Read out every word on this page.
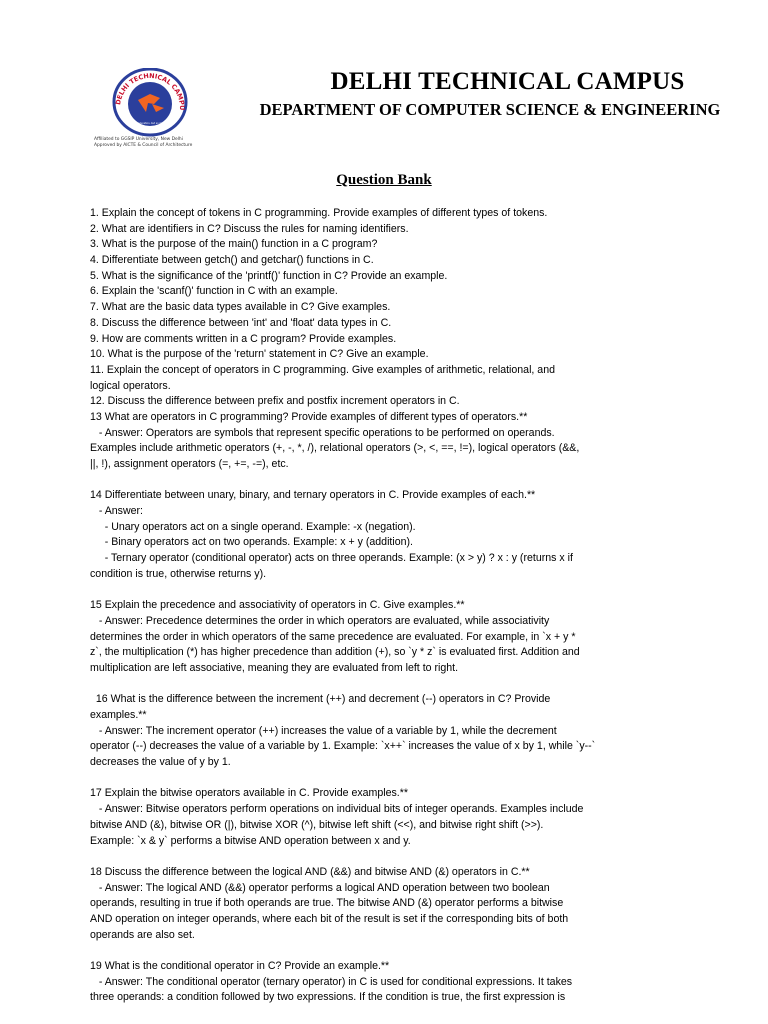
DELHI TECHNICAL CAMPU
Affiliated to GGSIP University, New Delhi
Approved by AICTE & Council of Architecture
Not only education, but so much more
DELHI TECHNICAL CAMPUS
DEPARTMENT OF COMPUTER SCIENCE & ENGINEERING
Question Bank
1. Explain the concept of tokens in C programming. Provide examples of different types of tokens.
2. What are identifiers in C? Discuss the rules for naming identifiers.
3. What is the purpose of the main() function in a C program?
4. Differentiate between getch() and getchar() functions in C.
5. What is the significance of the 'printf()' function in C? Provide an example.
6. Explain the 'scanf()' function in C with an example.
7. What are the basic data types available in C? Give examples.
8. Discuss the difference between 'int' and 'float' data types in C.
9. How are comments written in a C program? Provide examples.
10. What is the purpose of the 'return' statement in C? Give an example.
11. Explain the concept of operators in C programming. Give examples of arithmetic, relational, and
logical operators.
12. Discuss the difference between prefix and postfix increment operators in C.
13 What are operators in C programming? Provide examples of different types of operators.**
- Answer: Operators are symbols that represent specific operations to be performed on operands.
Examples include arithmetic operators (+, -, *, /), relational operators (>, <, ==, !=), logical operators (&&,
||, !), assignment operators (=, +=, -=), etc.
14 Differentiate between unary, binary, and ternary operators in C. Provide examples of each.**
- Answer:
- Unary operators act on a single operand. Example: -x (negation).
- Binary operators act on two operands. Example: x + y (addition).
- Ternary operator (conditional operator) acts on three operands. Example: (x > y) ? x : y (returns x if
condition is true, otherwise returns y).
15 Explain the precedence and associativity of operators in C. Give examples.**
- Answer: Precedence determines the order in which operators are evaluated, while associativity
determines the order in which operators of the same precedence are evaluated. For example, in `x + y *
z`, the multiplication (*) has higher precedence than addition (+), so `y * z` is evaluated first. Addition and
multiplication are left associative, meaning they are evaluated from left to right.
16 What is the difference between the increment (++) and decrement (--) operators in C? Provide
examples.**
- Answer: The increment operator (++) increases the value of a variable by 1, while the decrement
operator (--) decreases the value of a variable by 1. Example: `x++` increases the value of x by 1, while `y--`
decreases the value of y by 1.
17 Explain the bitwise operators available in C. Provide examples.**
- Answer: Bitwise operators perform operations on individual bits of integer operands. Examples include
bitwise AND (&), bitwise OR (|), bitwise XOR (^), bitwise left shift (<<), and bitwise right shift (>>).
Example: `x & y` performs a bitwise AND operation between x and y.
18 Discuss the difference between the logical AND (&&) and bitwise AND (&) operators in C.**
- Answer: The logical AND (&&) operator performs a logical AND operation between two boolean
operands, resulting in true if both operands are true. The bitwise AND (&) operator performs a bitwise
AND operation on integer operands, where each bit of the result is set if the corresponding bits of both
operands are also set.
19 What is the conditional operator in C? Provide an example.**
- Answer: The conditional operator (ternary operator) in C is used for conditional expressions. It takes
three operands: a condition followed by two expressions. If the condition is true, the first expression is
